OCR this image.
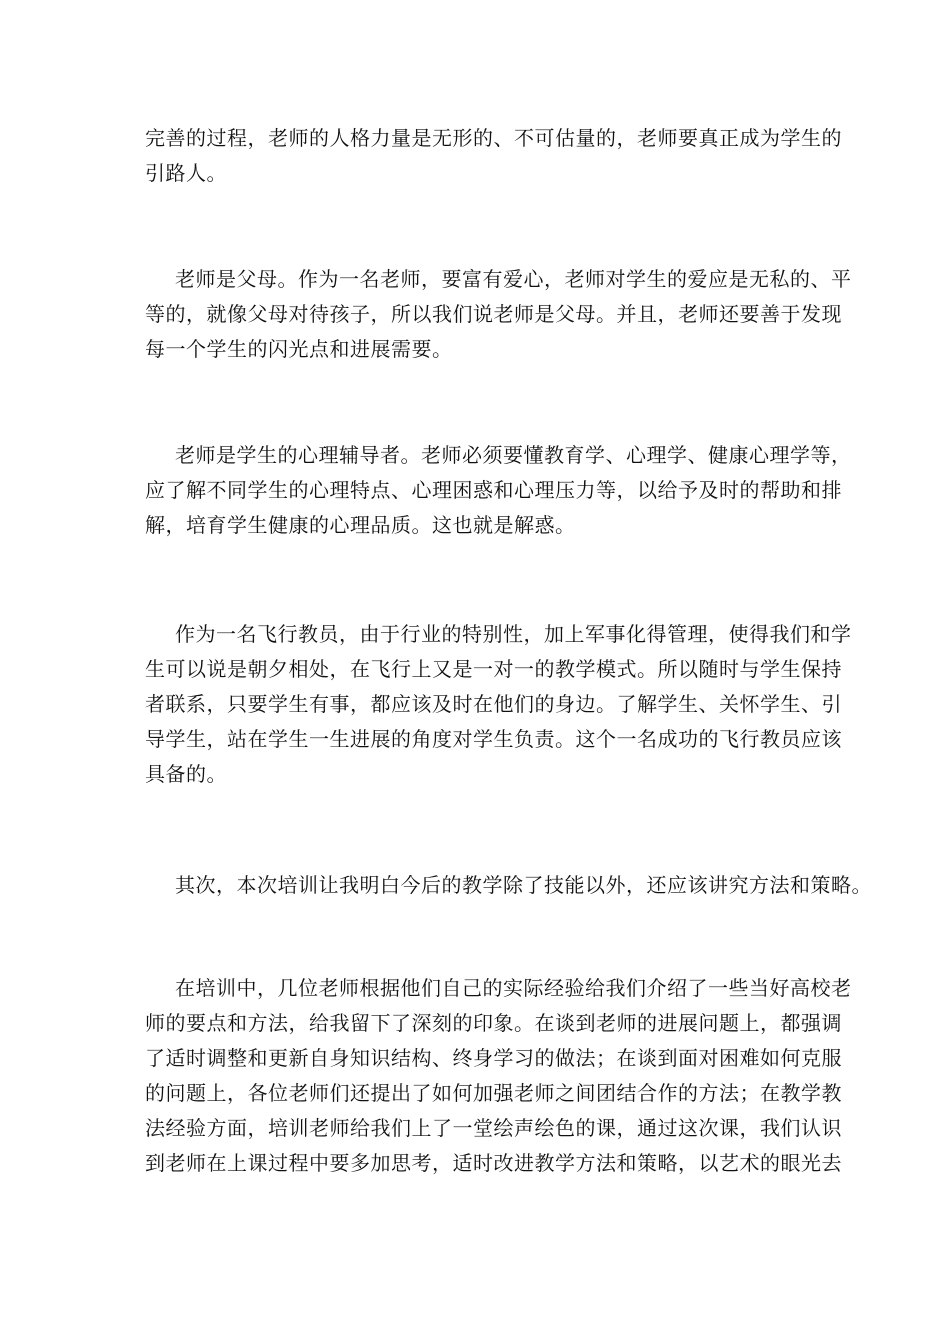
完善的过程，老师的人格力量是无形的、不可估量的，老师要真正成为学生的
引路人。
老师是父母。作为一名老师，要富有爱心，老师对学生的爱应是无私的、平
等的，就像父母对待孩子，所以我们说老师是父母。并且，老师还要善于发现
每一个学生的闪光点和进展需要。
老师是学生的心理辅导者。老师必须要懂教育学、心理学、健康心理学等，
应了解不同学生的心理特点、心理困惑和心理压力等，以给予及时的帮助和排
解，培育学生健康的心理品质。这也就是解惑。
作为一名飞行教员，由于行业的特别性，加上军事化得管理，使得我们和学
生可以说是朝夕相处，在飞行上又是一对一的教学模式。所以随时与学生保持
者联系，只要学生有事，都应该及时在他们的身边。了解学生、关怀学生、引
导学生，站在学生一生进展的角度对学生负责。这个一名成功的飞行教员应该
具备的。
其次，本次培训让我明白今后的教学除了技能以外，还应该讲究方法和策略。
在培训中，几位老师根据他们自己的实际经验给我们介绍了一些当好高校老
师的要点和方法，给我留下了深刻的印象。在谈到老师的进展问题上，都强调
了适时调整和更新自身知识结构、终身学习的做法；在谈到面对困难如何克服
的问题上，各位老师们还提出了如何加强老师之间团结合作的方法；在教学教
法经验方面，培训老师给我们上了一堂绘声绘色的课，通过这次课，我们认识
到老师在上课过程中要多加思考，适时改进教学方法和策略，以艺术的眼光去
